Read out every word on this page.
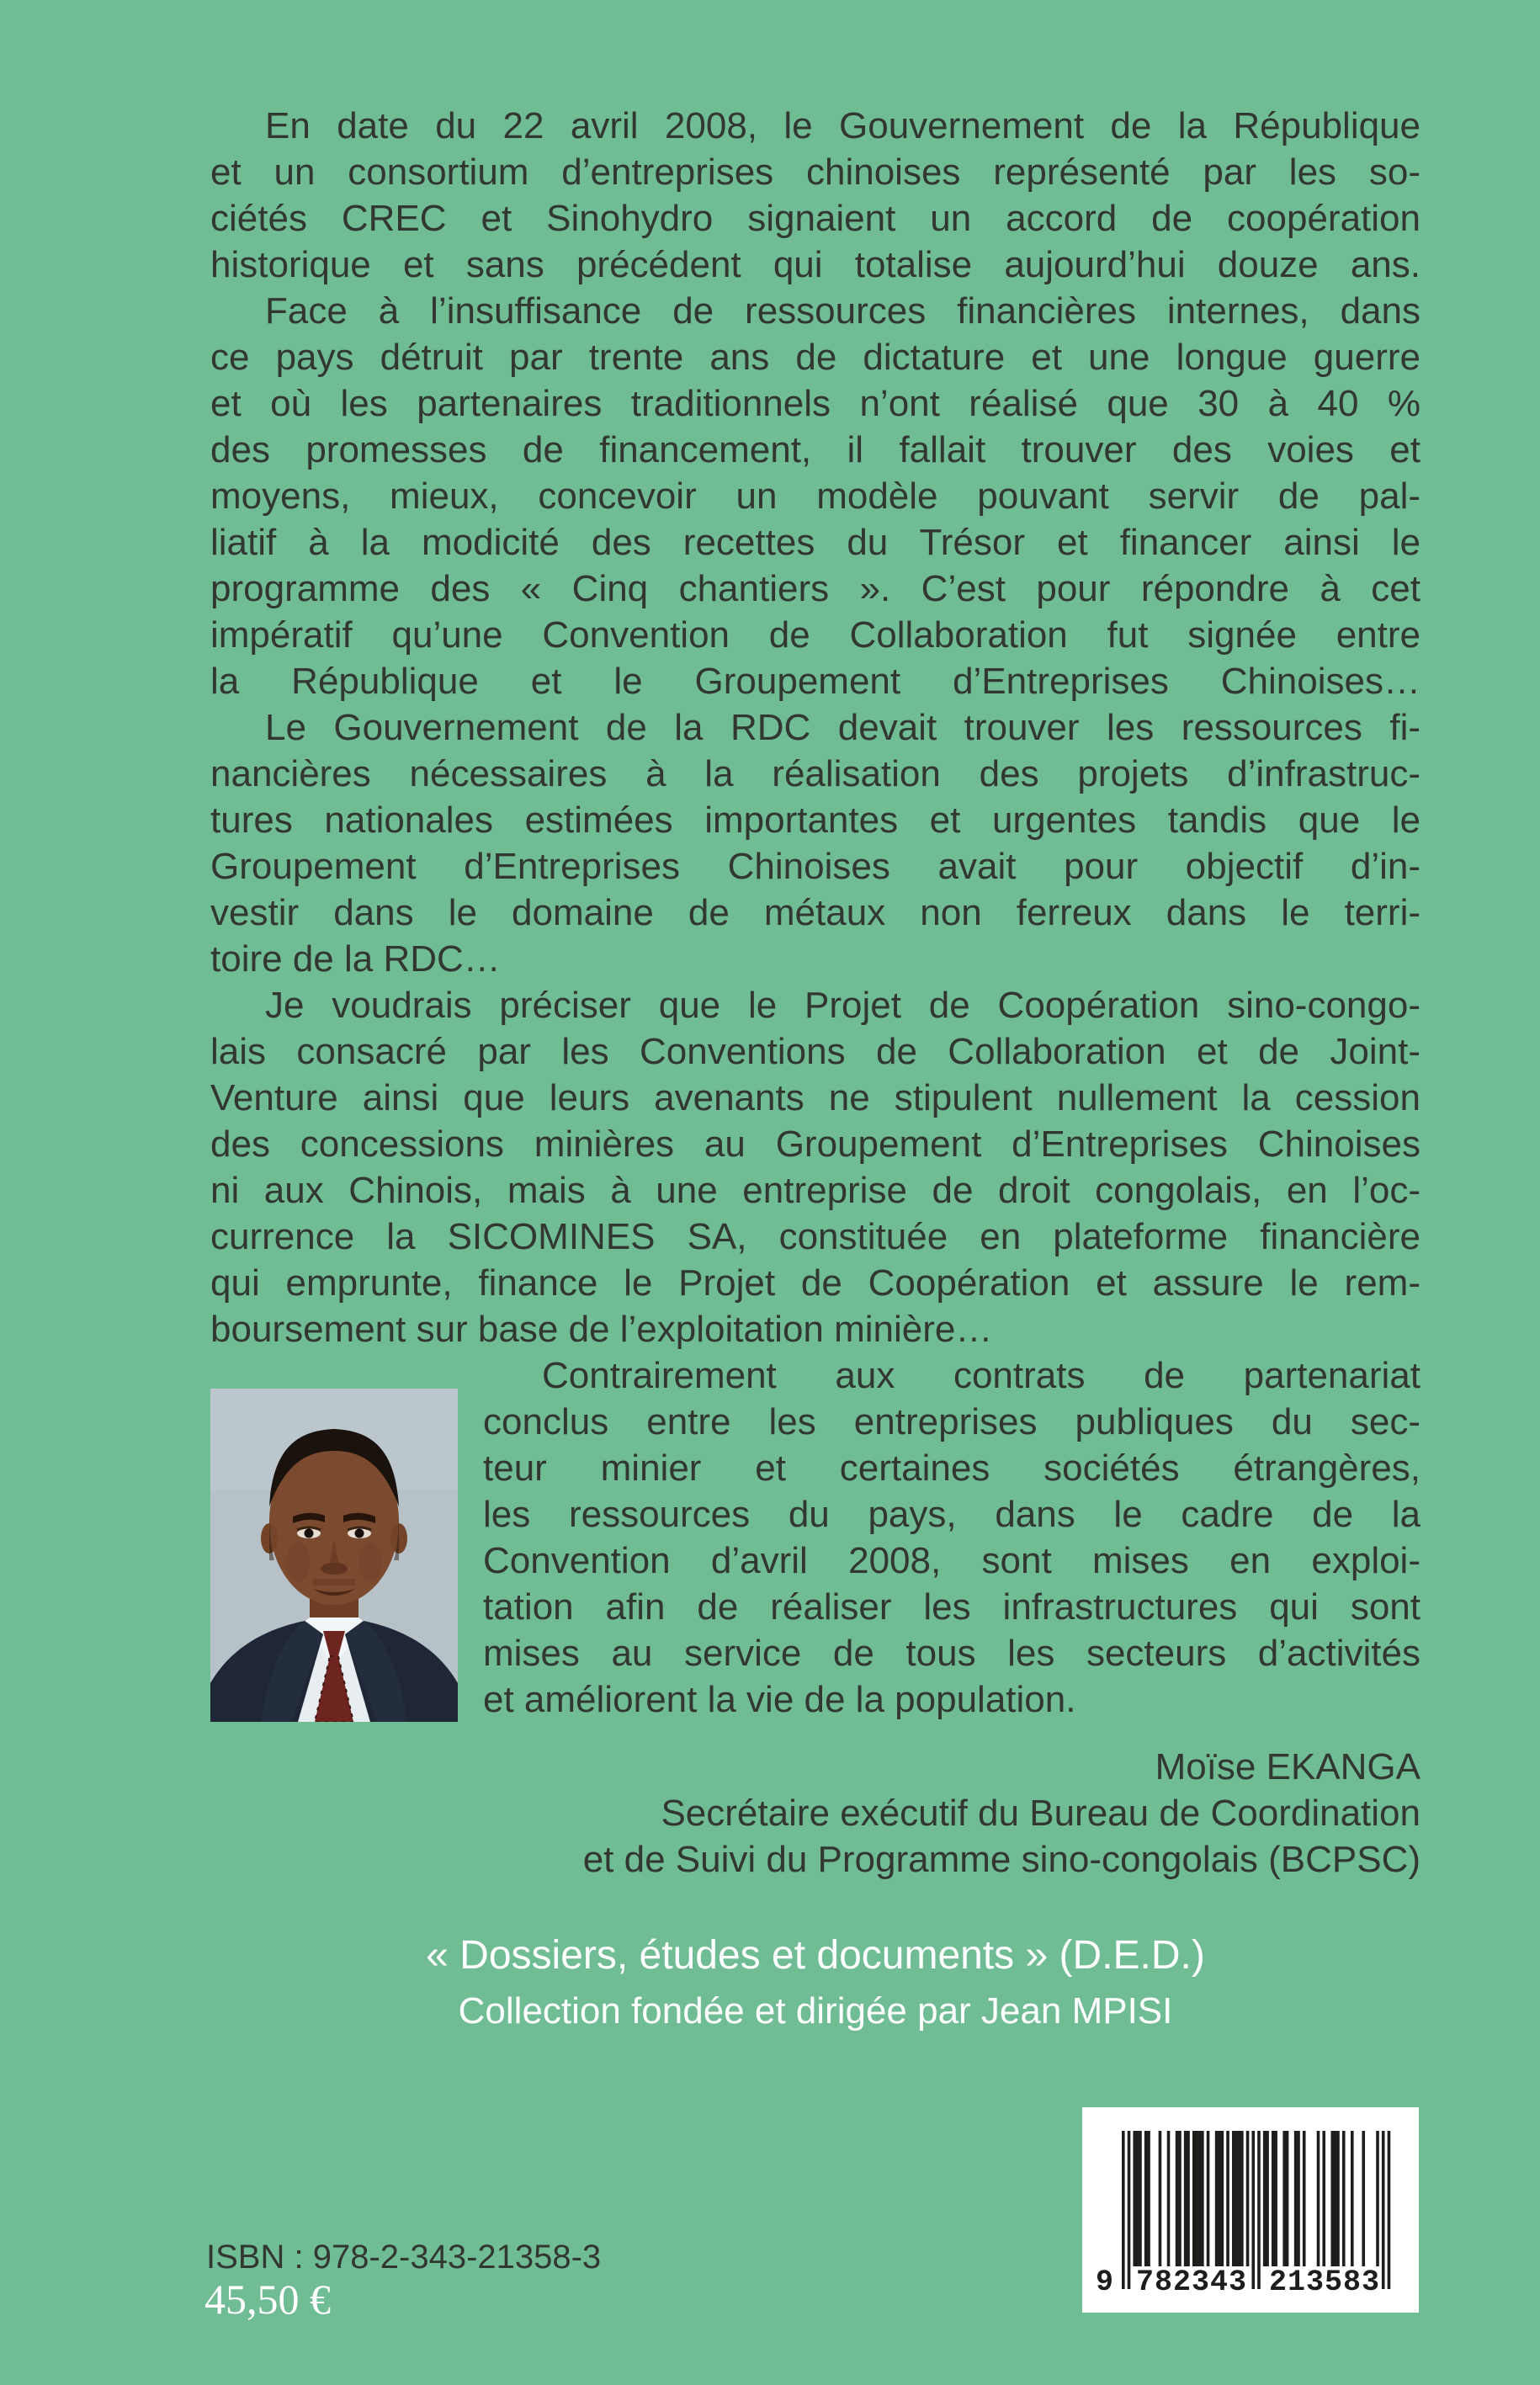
En date du 22 avril 2008, le Gouvernement de la République
et un consortium d’entreprises chinoises représenté par les so-
ciétés CREC et Sinohydro signaient un accord de coopération
historique et sans précédent qui totalise aujourd’hui douze ans.
Face à l’insuffisance de ressources financières internes, dans
ce pays détruit par trente ans de dictature et une longue guerre
et où les partenaires traditionnels n’ont réalisé que 30 à 40 %
des promesses de financement, il fallait trouver des voies et
moyens, mieux, concevoir un modèle pouvant servir de pal-
liatif à la modicité des recettes du Trésor et financer ainsi le
programme des « Cinq chantiers ». C’est pour répondre à cet
impératif qu’une Convention de Collaboration fut signée entre
la République et le Groupement d’Entreprises Chinoises…
Le Gouvernement de la RDC devait trouver les ressources fi-
nancières nécessaires à la réalisation des projets d’infrastruc-
tures nationales estimées importantes et urgentes tandis que le
Groupement d’Entreprises Chinoises avait pour objectif d’in-
vestir dans le domaine de métaux non ferreux dans le terri-
toire de la RDC…
Je voudrais préciser que le Projet de Coopération sino-congo-
lais consacré par les Conventions de Collaboration et de Joint-
Venture ainsi que leurs avenants ne stipulent nullement la cession
des concessions minières au Groupement d’Entreprises Chinoises
ni aux Chinois, mais à une entreprise de droit congolais, en l’oc-
currence la SICOMINES SA, constituée en plateforme financière
qui emprunte, finance le Projet de Coopération et assure le rem-
boursement sur base de l’exploitation minière…
Contrairement aux contrats de partenariat
conclus entre les entreprises publiques du sec-
teur minier et certaines sociétés étrangères,
les ressources du pays, dans le cadre de la
Convention d’avril 2008, sont mises en exploi-
tation afin de réaliser les infrastructures qui sont
mises au service de tous les secteurs d’activités
et améliorent la vie de la population.
Moïse EKANGA
Secrétaire exécutif du Bureau de Coordination
et de Suivi du Programme sino-congolais (BCPSC)
« Dossiers, études et documents » (D.E.D.)
Collection fondée et dirigée par Jean MPISI
ISBN : 978-2-343-21358-3
45,50 €	9 782343 213583
